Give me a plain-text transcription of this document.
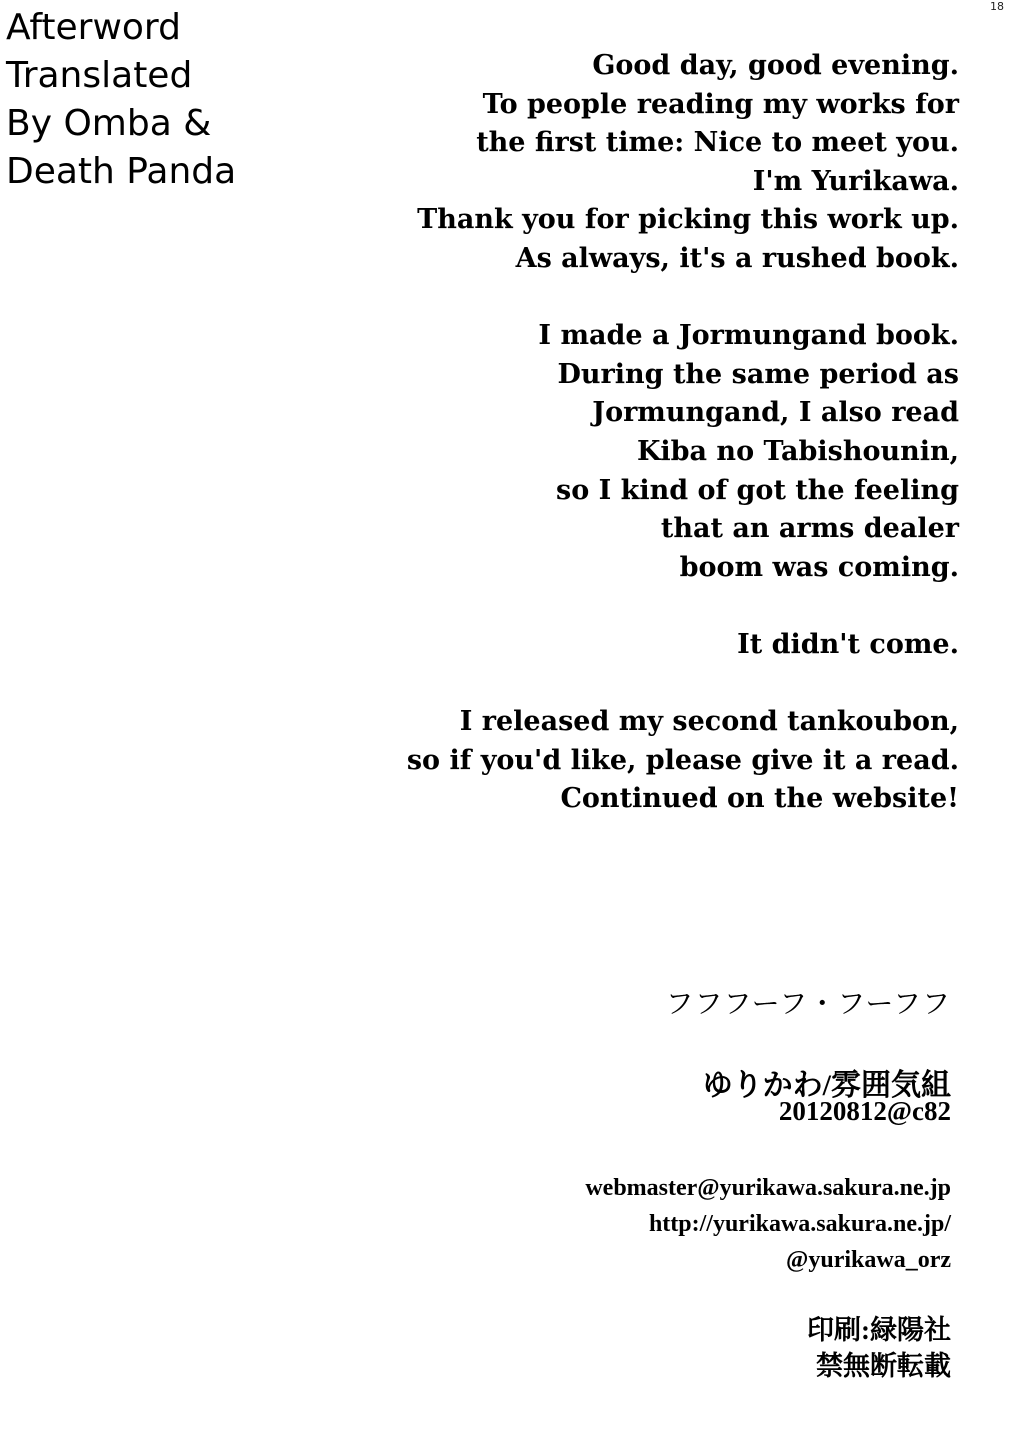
18
Afterword
Translated
By Omba &
Death Panda
Good day, good evening.
To people reading my works for
the first time: Nice to meet you.
I'm Yurikawa.
Thank you for picking this work up.
As always, it's a rushed book.
I made a Jormungand book.
During the same period as
Jormungand, I also read
Kiba no Tabishounin,
so I kind of got the feeling
that an arms dealer
boom was coming.
It didn't come.
I released my second tankoubon,
so if you'd like, please give it a read.
Continued on the website!
フフフーフ・フーフフ
ゆりかわ/雰囲気組
20120812@c82
webmaster@yurikawa.sakura.ne.jp
http://yurikawa.sakura.ne.jp/
@yurikawa_orz
印刷:緑陽社
禁無断転載
